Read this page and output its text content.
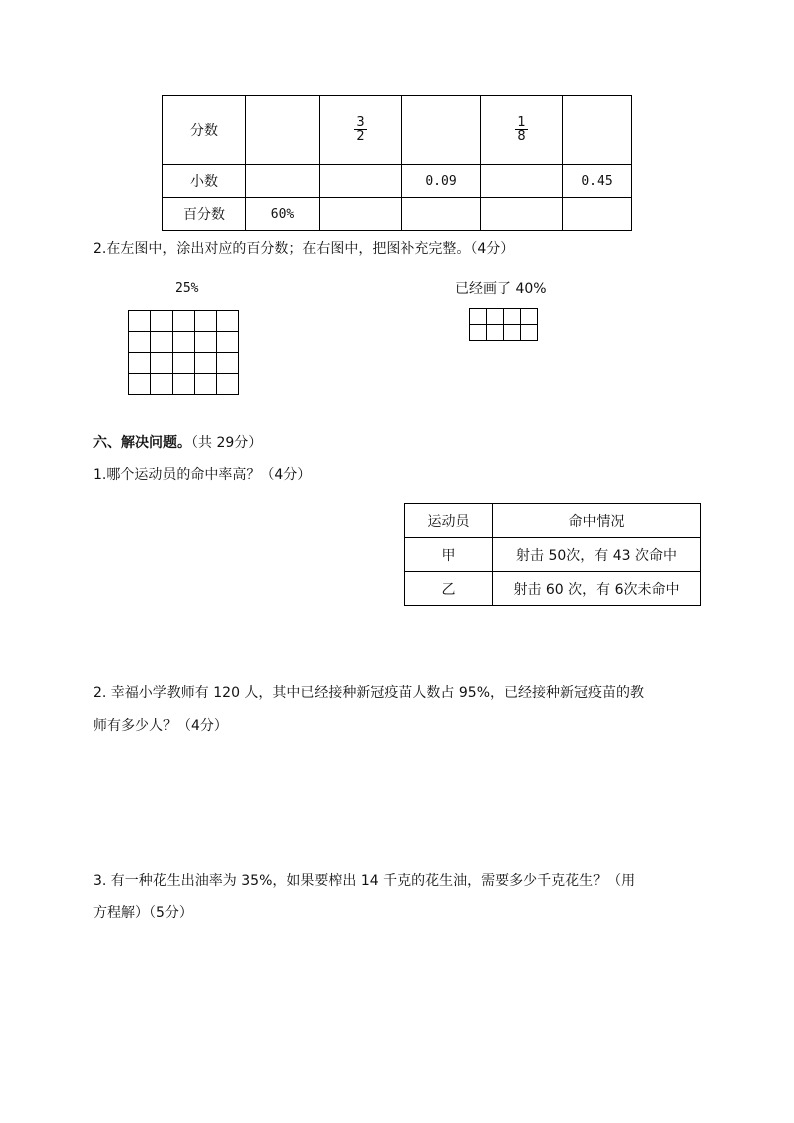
分数		$\frac{3}{2}$		$\frac{1}{8}$

小数			0.09		0.45
百分数	60%				
2.在左图中，涂出对应的百分数；在右图中，把图补充完整。（4分）
25%

					已经画了 40%

六、解决问题。（共 29分）
1.哪个运动员的命中率高？（4分）
运动员	命中情况
甲	射击 50次，有 43 次命中
乙	射击 60 次，有 6次未命中
2. 幸福小学教师有 120 人，其中已经接种新冠疫苗人数占 95%，已经接种新冠疫苗的教
师有多少人？（4分）
3. 有一种花生出油率为 35%，如果要榨出 14 千克的花生油，需要多少千克花生？（用
方程解）（5分）
